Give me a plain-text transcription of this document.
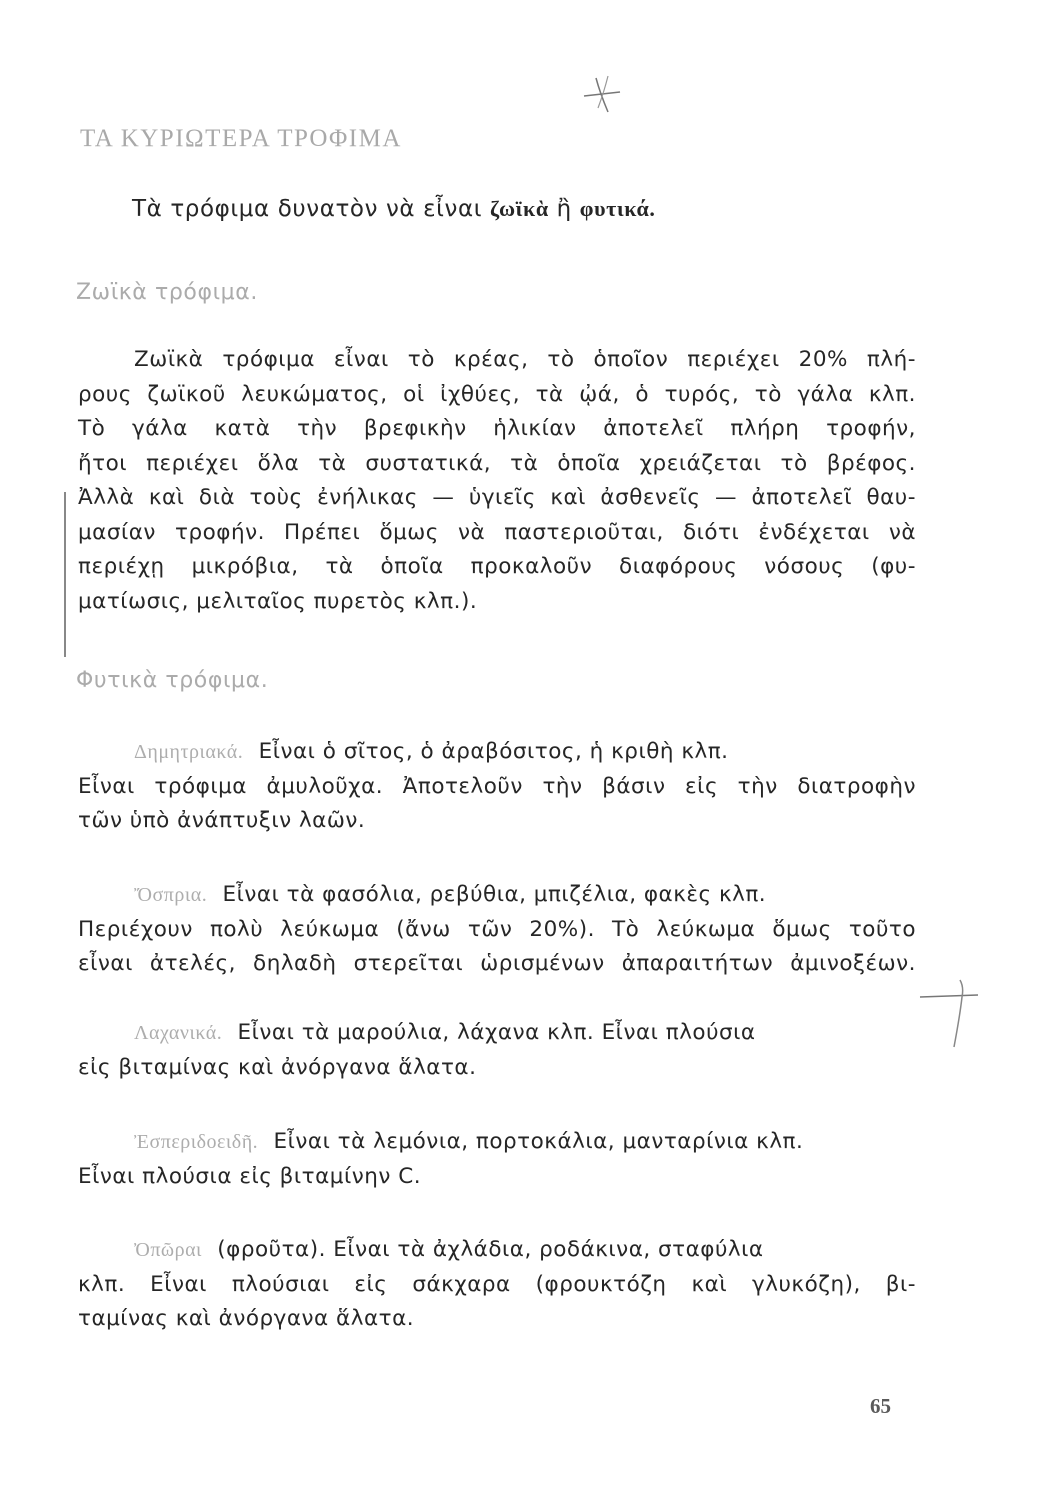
ΤΑ ΚΥΡΙΩΤΕΡΑ ΤΡΟΦΙΜΑ
Τὰ τρόφιμα δυνατὸν νὰ εἶναι ζωϊκὰ ἢ φυτικά.
Ζωϊκὰ τρόφιμα.
Ζωϊκὰ τρόφιμα εἶναι τὸ κρέας, τὸ ὁποῖον περιέχει 20% πλή-
ρους ζωϊκοῦ λευκώματος, οἱ ἰχθύες, τὰ ᾠά, ὁ τυρός, τὸ γάλα κλπ.
Τὸ γάλα κατὰ τὴν βρεφικὴν ἡλικίαν ἀποτελεῖ πλήρη τροφήν,
ἤτοι περιέχει ὅλα τὰ συστατικά, τὰ ὁποῖα χρειάζεται τὸ βρέφος.
Ἀλλὰ καὶ διὰ τοὺς ἐνήλικας — ὑγιεῖς καὶ ἀσθενεῖς — ἀποτελεῖ θαυ-
μασίαν τροφήν. Πρέπει ὅμως νὰ παστεριοῦται, διότι ἐνδέχεται νὰ
περιέχῃ μικρόβια, τὰ ὁποῖα προκαλοῦν διαφόρους νόσους (φυ-
ματίωσις, μελιταῖος πυρετὸς κλπ.).
Φυτικὰ τρόφιμα.
Δημητριακά. Εἶναι ὁ σῖτος, ὁ ἀραβόσιτος, ἡ κριθὴ κλπ.
Εἶναι τρόφιμα ἀμυλοῦχα. Ἀποτελοῦν τὴν βάσιν εἰς τὴν διατροφὴν
τῶν ὑπὸ ἀνάπτυξιν λαῶν.
Ὄσπρια. Εἶναι τὰ φασόλια, ρεβύθια, μπιζέλια, φακὲς κλπ.
Περιέχουν πολὺ λεύκωμα (ἄνω τῶν 20%). Τὸ λεύκωμα ὅμως τοῦτο
εἶναι ἀτελές, δηλαδὴ στερεῖται ὡρισμένων ἀπαραιτήτων ἀμινοξέων.
Λαχανικά. Εἶναι τὰ μαρούλια, λάχανα κλπ. Εἶναι πλούσια
εἰς βιταμίνας καὶ ἀνόργανα ἅλατα.
Ἐσπεριδοειδῆ. Εἶναι τὰ λεμόνια, πορτοκάλια, μανταρίνια κλπ.
Εἶναι πλούσια εἰς βιταμίνην C.
Ὀπῶραι (φροῦτα). Εἶναι τὰ ἀχλάδια, ροδάκινα, σταφύλια
κλπ. Εἶναι πλούσιαι εἰς σάκχαρα (φρουκτόζη καὶ γλυκόζη), βι-
ταμίνας καὶ ἀνόργανα ἅλατα.
65
